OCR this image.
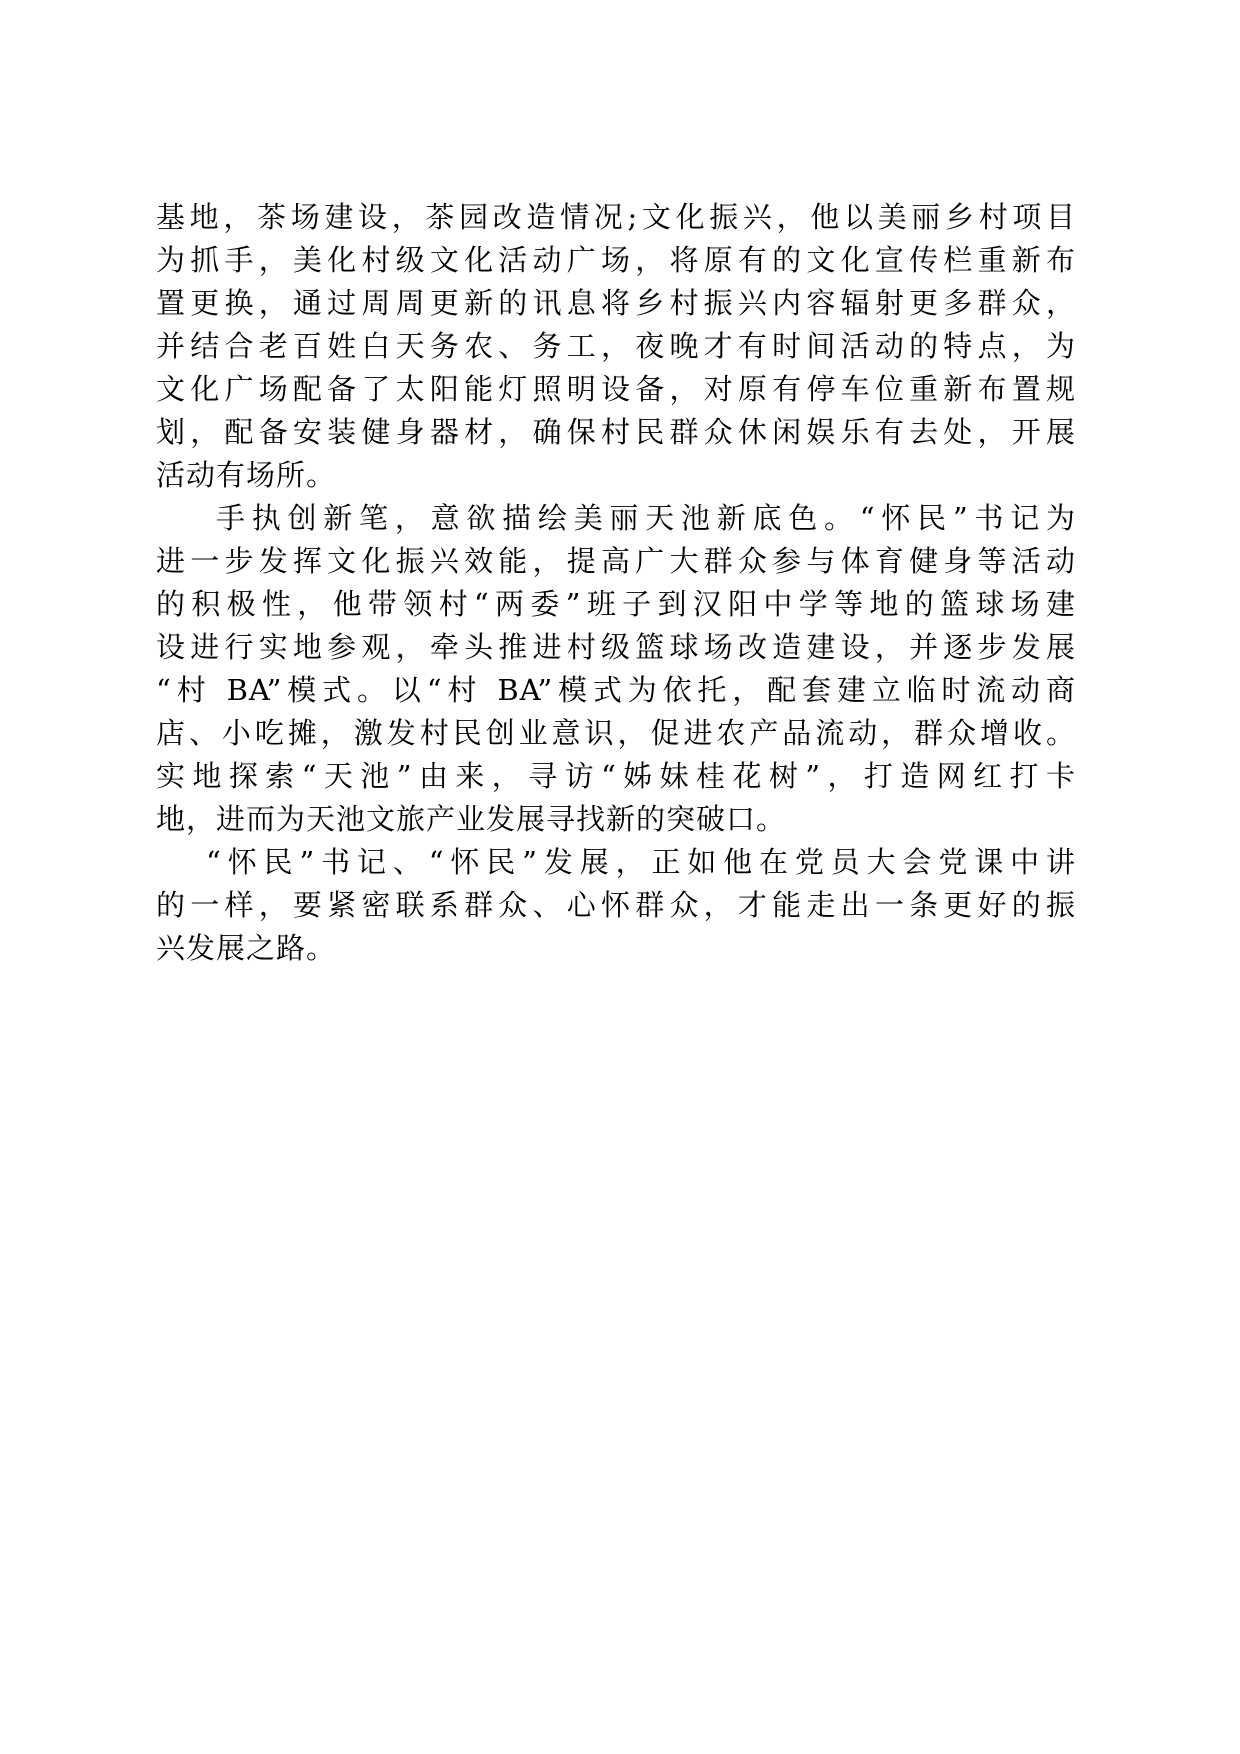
基地，茶场建设，茶园改造情况;文化振兴，他以美丽乡村项目
为抓手，美化村级文化活动广场，将原有的文化宣传栏重新布
置更换，通过周周更新的讯息将乡村振兴内容辐射更多群众，
并结合老百姓白天务农、务工，夜晚才有时间活动的特点，为
文化广场配备了太阳能灯照明设备，对原有停车位重新布置规
划，配备安装健身器材，确保村民群众休闲娱乐有去处，开展
活动有场所。
手执创新笔，意欲描绘美丽天池新底色。“怀民”书记为
进一步发挥文化振兴效能，提高广大群众参与体育健身等活动
的积极性，他带领村“两委”班子到汉阳中学等地的篮球场建
设进行实地参观，牵头推进村级篮球场改造建设，并逐步发展
“村 BA”模式。以“村 BA”模式为依托，配套建立临时流动商
店、小吃摊，激发村民创业意识，促进农产品流动，群众增收。
实地探索“天池”由来，寻访“姊妹桂花树”，打造网红打卡
地，进而为天池文旅产业发展寻找新的突破口。
“怀民”书记、“怀民”发展，正如他在党员大会党课中讲
的一样，要紧密联系群众、心怀群众，才能走出一条更好的振
兴发展之路。
